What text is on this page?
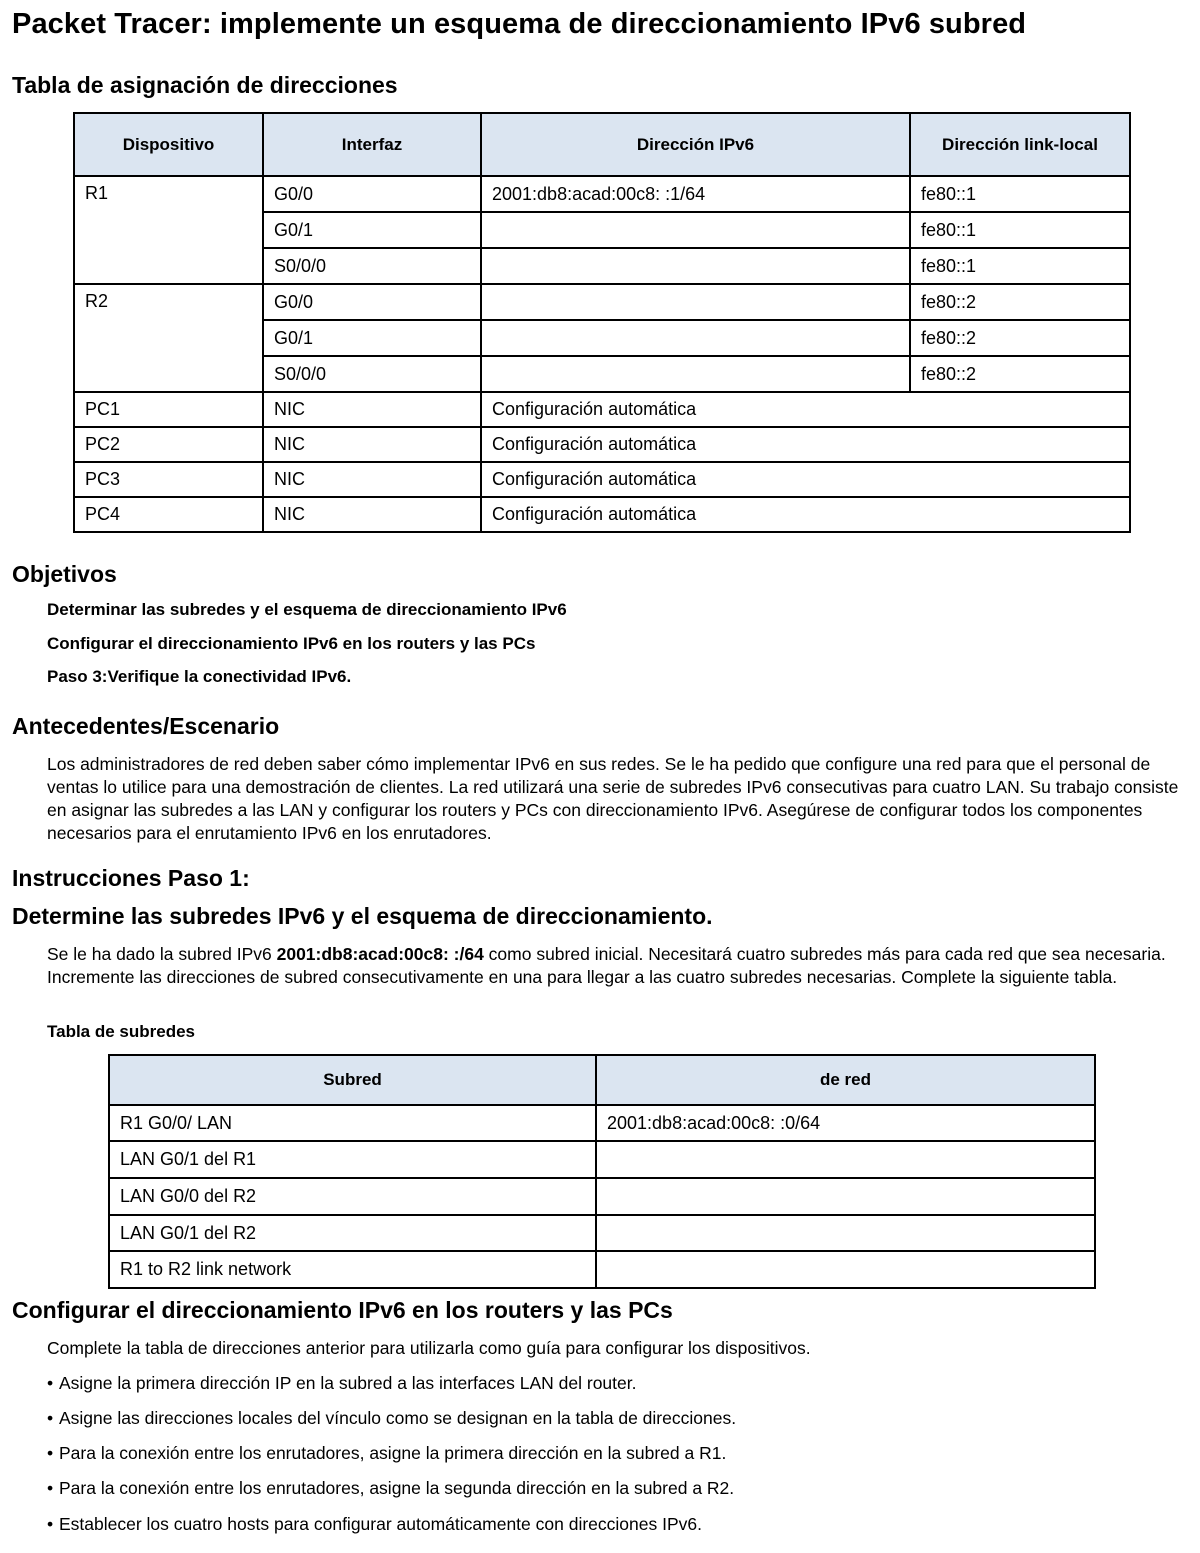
Packet Tracer: implemente un esquema de direccionamiento IPv6 subred
Tabla de asignación de direcciones
Dispositivo	Interfaz	Dirección IPv6	Dirección link-local
R1	G0/0	2001:db8:acad:00c8: :1/64	fe80::1
	G0/1		fe80::1
	S0/0/0		fe80::1
R2	G0/0		fe80::2
	G0/1		fe80::2
	S0/0/0		fe80::2
PC1	NIC	Configuración automática	
PC2	NIC	Configuración automática	
PC3	NIC	Configuración automática	
PC4	NIC	Configuración automática	
Objetivos

Determinar las subredes y el esquema de direccionamiento IPv6

Configurar el direccionamiento IPv6 en los routers y las PCs

Paso 3:Verifique la conectividad IPv6.

Antecedentes/Escenario

Los administradores de red deben saber cómo implementar IPv6 en sus redes. Se le ha pedido que configure una red para que el personal de ventas lo utilice para una demostración de clientes. La red utilizará una serie de subredes IPv6 consecutivas para cuatro LAN. Su trabajo consiste en asignar las subredes a las LAN y configurar los routers y PCs con direccionamiento IPv6. Asegúrese de configurar todos los componentes necesarios para el enrutamiento IPv6 en los enrutadores.

Instrucciones Paso 1:
Determine las subredes IPv6 y el esquema de direccionamiento.

Se le ha dado la subred IPv6 2001:db8:acad:00c8: :/64 como subred inicial. Necesitará cuatro subredes más para cada red que sea necesaria. Incremente las direcciones de subred consecutivamente en una para llegar a las cuatro subredes necesarias. Complete la siguiente tabla.

Tabla de subredes
Subred	de red
R1 G0/0/ LAN	2001:db8:acad:00c8: :0/64
LAN G0/1 del R1	
LAN G0/0 del R2	
LAN G0/1 del R2	
R1 to R2 link network	
Configurar el direccionamiento IPv6 en los routers y las PCs

Complete la tabla de direcciones anterior para utilizarla como guía para configurar los dispositivos.

• Asigne la primera dirección IP en la subred a las interfaces LAN del router.

• Asigne las direcciones locales del vínculo como se designan en la tabla de direcciones.

• Para la conexión entre los enrutadores, asigne la primera dirección en la subred a R1.

• Para la conexión entre los enrutadores, asigne la segunda dirección en la subred a R2.

• Establecer los cuatro hosts para configurar automáticamente con direcciones IPv6.
